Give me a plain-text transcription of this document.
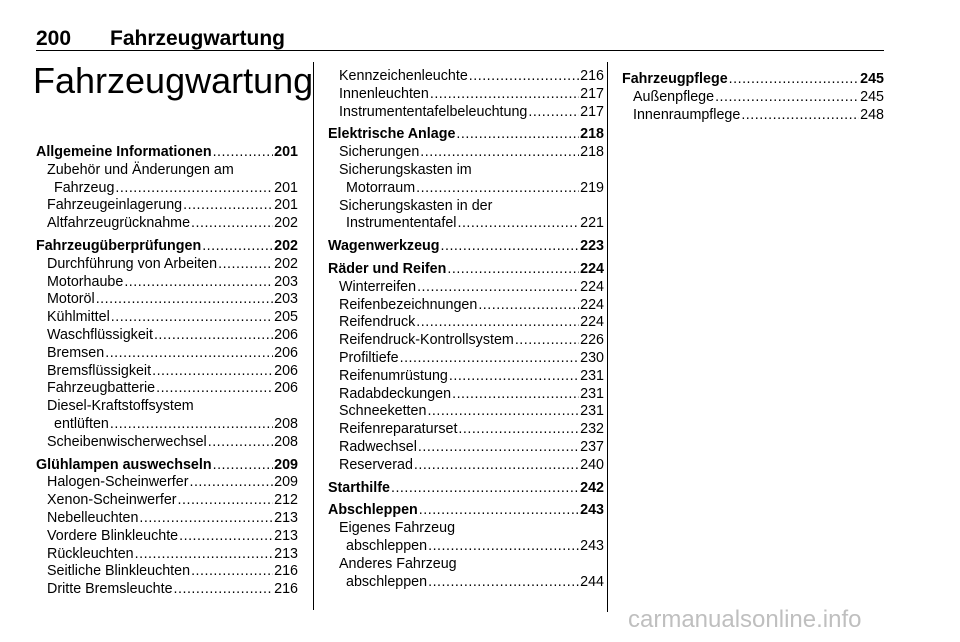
200 Fahrzeugwartung
Fahrzeugwartung
Allgemeine Informationen .....	201
Zubehör und Änderungen am
Fahrzeug .....	201
Fahrzeugeinlagerung .....	201
Altfahrzeugrücknahme .....	202
Fahrzeugüberprüfungen .....	202
Durchführung von Arbeiten .....	202
Motorhaube .....	203
Motoröl .....	203
Kühlmittel .....	205
Waschflüssigkeit .....	206
Bremsen .....	206
Bremsflüssigkeit .....	206
Fahrzeugbatterie .....	206
Diesel-Kraftstoffsystem
entlüften .....	208
Scheibenwischerwechsel .....	208
Glühlampen auswechseln .....	209
Halogen-Scheinwerfer .....	209
Xenon-Scheinwerfer .....	212
Nebelleuchten .....	213
Vordere Blinkleuchte .....	213
Rückleuchten .....	213
Seitliche Blinkleuchten .....	216
Dritte Bremsleuchte .....	216
Kennzeichenleuchte .....	216
Innenleuchten .....	217
Instrumententafelbeleuchtung .....	217
Elektrische Anlage .....	218
Sicherungen .....	218
Sicherungskasten im
Motorraum .....	219
Sicherungskasten in der
Instrumententafel .....	221
Wagenwerkzeug .....	223
Räder und Reifen .....	224
Winterreifen .....	224
Reifenbezeichnungen .....	224
Reifendruck .....	224
Reifendruck-Kontrollsystem .....	226
Profiltiefe .....	230
Reifenumrüstung .....	231
Radabdeckungen .....	231
Schneeketten .....	231
Reifenreparaturset .....	232
Radwechsel .....	237
Reserverad .....	240
Starthilfe .....	242
Abschleppen .....	243
Eigenes Fahrzeug
abschleppen .....	243
Anderes Fahrzeug
abschleppen .....	244
Fahrzeugpflege .....	245
Außenpflege .....	245
Innenraumpflege .....	248
carmanualsonline.info
